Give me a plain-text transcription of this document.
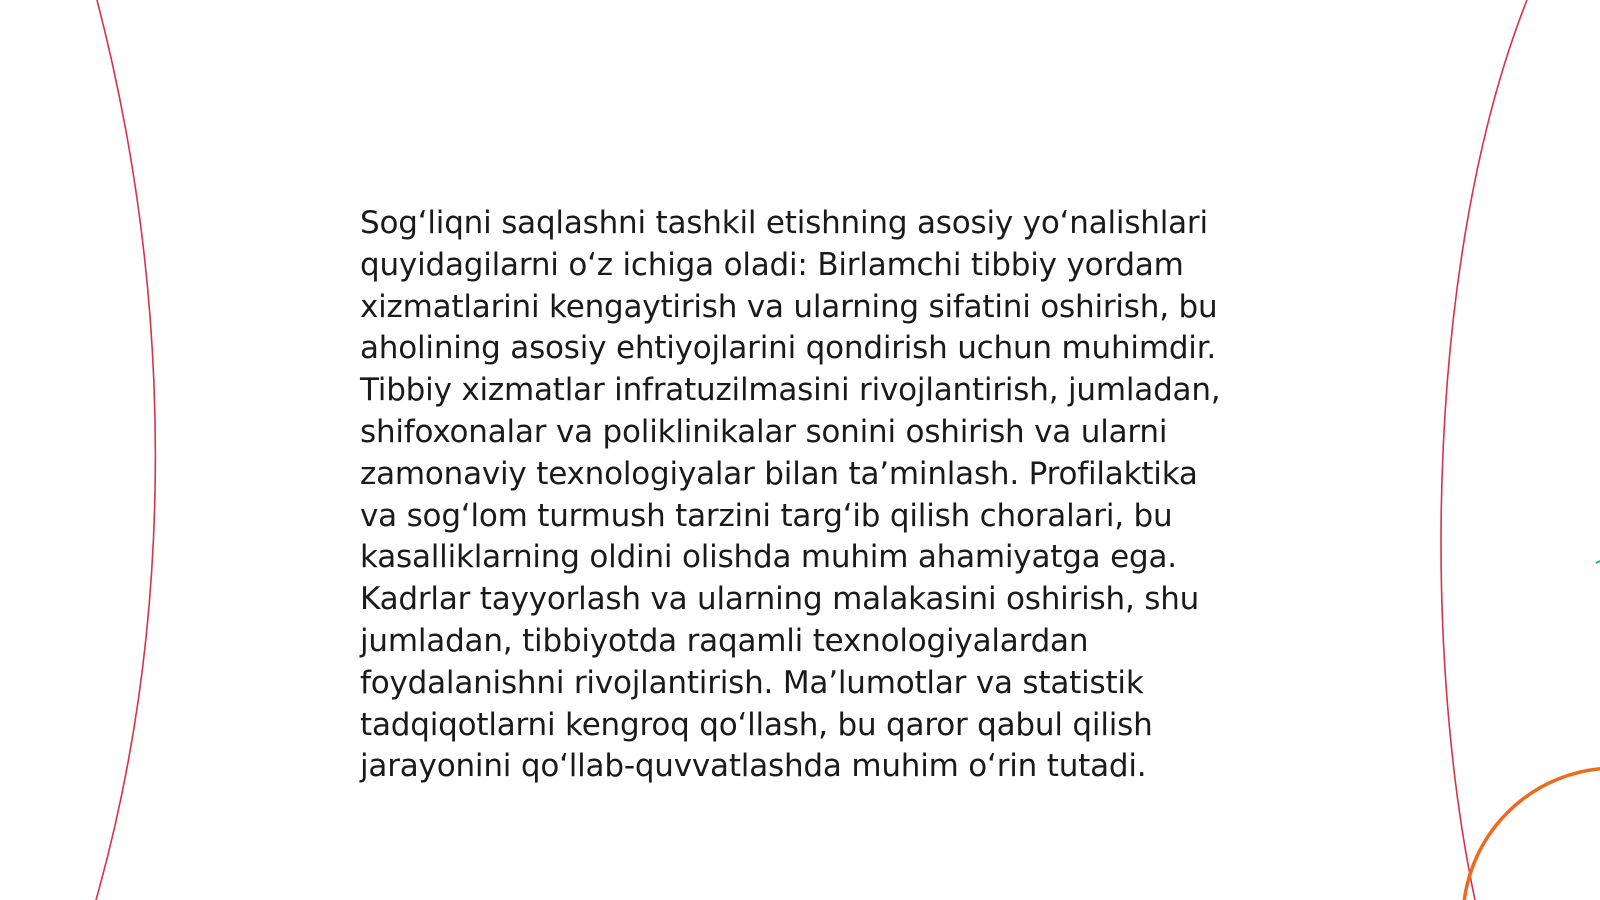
Sog‘liqni saqlashni tashkil etishning asosiy yo‘nalishlari quyidagilarni o‘z ichiga oladi: Birlamchi tibbiy yordam xizmatlarini kengaytirish va ularning sifatini oshirish, bu aholining asosiy ehtiyojlarini qondirish uchun muhimdir. Tibbiy xizmatlar infratuzilmasini rivojlantirish, jumladan, shifoxonalar va poliklinikalar sonini oshirish va ularni zamonaviy texnologiyalar bilan ta’minlash. Profilaktika va sog‘lom turmush tarzini targ‘ib qilish choralari, bu kasalliklarning oldini olishda muhim ahamiyatga ega. Kadrlar tayyorlash va ularning malakasini oshirish, shu jumladan, tibbiyotda raqamli texnologiyalardan foydalanishni rivojlantirish. Ma’lumotlar va statistik tadqiqotlarni kengroq qo‘llash, bu qaror qabul qilish jarayonini qo‘llab-quvvatlashda muhim o‘rin tutadi.
